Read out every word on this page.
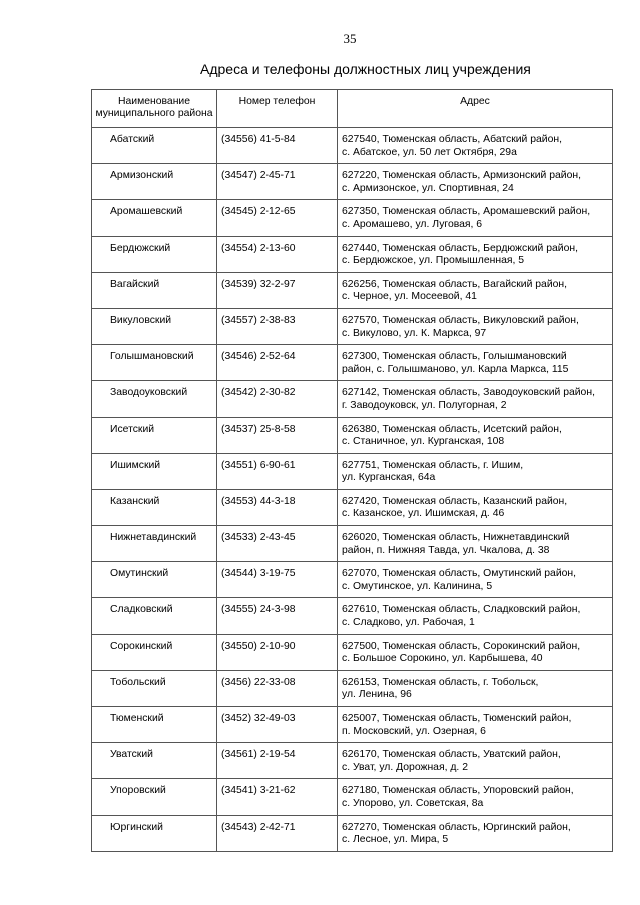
35
Адреса и телефоны должностных лиц учреждения
Наименование муниципального района	Номер телефон	Адрес
Абатский	(34556) 41-5-84	627540, Тюменская область, Абатский район,
с. Абатское, ул. 50 лет Октября, 29а

Армизонский	(34547) 2-45-71	627220, Тюменская область, Армизонский район,
с. Армизонское, ул. Спортивная, 24

Аромашевский	(34545) 2-12-65	627350, Тюменская область, Аромашевский район,
с. Аромашево, ул. Луговая, 6

Бердюжский	(34554) 2-13-60	627440, Тюменская область, Бердюжский район,
с. Бердюжское, ул. Промышленная, 5

Вагайский	(34539) 32-2-97	626256, Тюменская область, Вагайский район,
с. Черное, ул. Мосеевой, 41

Викуловский	(34557) 2-38-83	627570, Тюменская область, Викуловский район,
с. Викулово, ул. К. Маркса, 97

Голышмановский	(34546) 2-52-64	627300, Тюменская область, Голышмановский
район, с. Голышманово, ул. Карла Маркса, 115

Заводоуковский	(34542) 2-30-82	627142, Тюменская область, Заводоуковский район,
г. Заводоуковск, ул. Полугорная, 2

Исетский	(34537) 25-8-58	626380, Тюменская область, Исетский район,
с. Станичное, ул. Курганская, 108

Ишимский	(34551) 6-90-61	627751, Тюменская область, г. Ишим,
ул. Курганская, 64а

Казанский	(34553) 44-3-18	627420, Тюменская область, Казанский район,
с. Казанское, ул. Ишимская, д. 46

Нижнетавдинский	(34533) 2-43-45	626020, Тюменская область, Нижнетавдинский
район, п. Нижняя Тавда, ул. Чкалова, д. 38

Омутинский	(34544) 3-19-75	627070, Тюменская область, Омутинский район,
с. Омутинское, ул. Калинина, 5

Сладковский	(34555) 24-3-98	627610, Тюменская область, Сладковский район,
с. Сладково, ул. Рабочая, 1

Сорокинский	(34550) 2-10-90	627500, Тюменская область, Сорокинский район,
с. Большое Сорокино, ул. Карбышева, 40

Тобольский	(3456) 22-33-08	626153, Тюменская область, г. Тобольск,
ул. Ленина, 96

Тюменский	(3452) 32-49-03	625007, Тюменская область, Тюменский район,
п. Московский, ул. Озерная, 6

Уватский	(34561) 2-19-54	626170, Тюменская область, Уватский район,
с. Уват, ул. Дорожная, д. 2

Упоровский	(34541) 3-21-62	627180, Тюменская область, Упоровский район,
с. Упорово, ул. Советская, 8а

Юргинский	(34543) 2-42-71	627270, Тюменская область, Юргинский район,
с. Лесное, ул. Мира, 5
